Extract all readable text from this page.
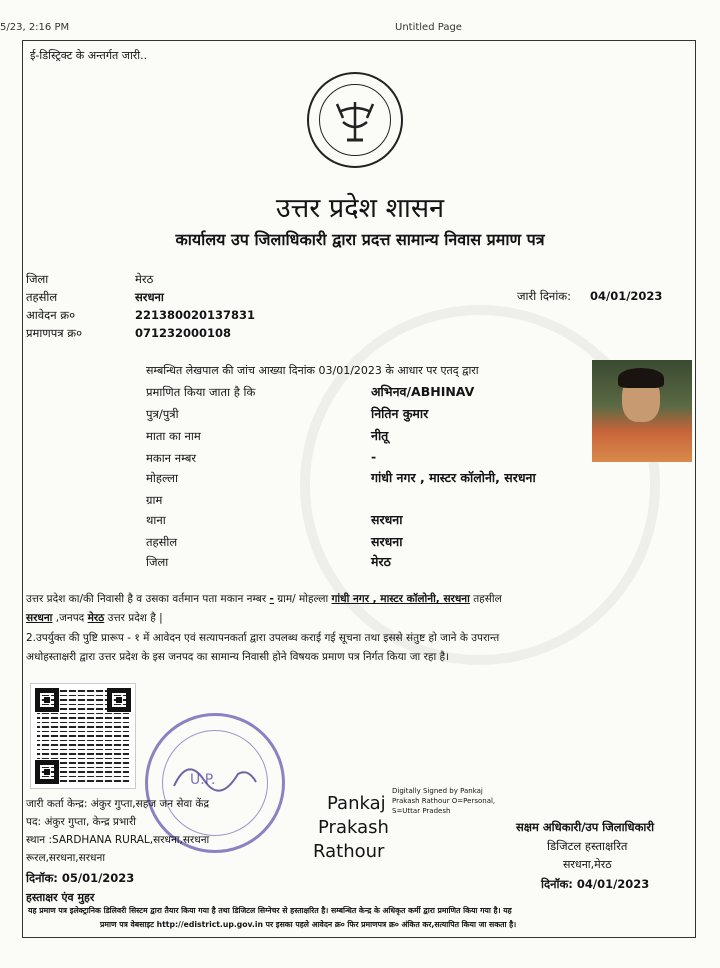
5/23, 2:16 PM	Untitled Page
ई-डिस्ट्रिक्ट के अन्तर्गत जारी..
उत्तर प्रदेश शासन
कार्यालय उप जिलाधिकारी द्वारा प्रदत्त सामान्य निवास प्रमाण पत्र
जिला	मेरठ
तहसील	सरधना
आवेदन क्र०	221380020137831
प्रमाणपत्र क्र०	071232000108
जारी दिनांक: 04/01/2023
सम्बन्धित लेखपाल की जांच आख्या दिनांक 03/01/2023 के आधार पर एतद् द्वारा
प्रमाणित किया जाता है कि	अभिनव/ABHINAV
पुत्र/पुत्री	नितिन कुमार
माता का नाम	नीतू
मकान नम्बर	-
मोहल्ला	गांधी नगर , मास्टर कॉलोनी, सरधना
ग्राम
थाना	सरधना
तहसील	सरधना
जिला	मेरठ
उत्तर प्रदेश का/की निवासी है व उसका वर्तमान पता मकान नम्बर - ग्राम/ मोहल्ला गांधी नगर , मास्टर कॉलोनी, सरधना तहसील
सरधना ,जनपद मेरठ उत्तर प्रदेश है |
2.उपर्युक्त की पुष्टि प्रारूप - १ में आवेदन एवं सत्यापनकर्ता द्वारा उपलब्ध कराई गई सूचना तथा इससे संतुष्ट हो जाने के उपरान्त
अधोहस्ताक्षरी द्वारा उत्तर प्रदेश के इस जनपद का सामान्य निवासी होने विषयक प्रमाण पत्र निर्गत किया जा रहा है।
U.P.
जारी कर्ता केन्द्र: अंकुर गुप्ता,सहज जन सेवा केंद्र
पद: अंकुर गुप्ता, केन्द्र प्रभारी
स्थान :SARDHANA RURAL,सरधना,सरधना
रूरल,सरधना,सरधना
दिनॉक: 05/01/2023
हस्ताक्षर एंव मुहर
Pankaj
Prakash
Rathour
Digitally Signed by Pankaj
Prakash Rathour O=Personal,
S=Uttar Pradesh
सक्षम अधिकारी/उप जिलाधिकारी
डिजिटल हस्ताक्षरित
सरधना,मेरठ
दिनॉक: 04/01/2023
यह प्रमाण पत्र इलेक्ट्रानिक डिलिवरी सिस्टम द्वारा तैयार किया गया है तथा डिजिटल सिग्नेचर से हस्ताक्षरित है। सम्बन्धित केन्द्र के अधिकृत कर्मी द्वारा प्रमाणित किया गया है। यह
प्रमाण पत्र वेबसाइट http://edistrict.up.gov.in पर इसका पहले आवेदन क्र० फिर प्रमाणपत्र क्र० अंकित कर,सत्यापित किया जा सकता है।
